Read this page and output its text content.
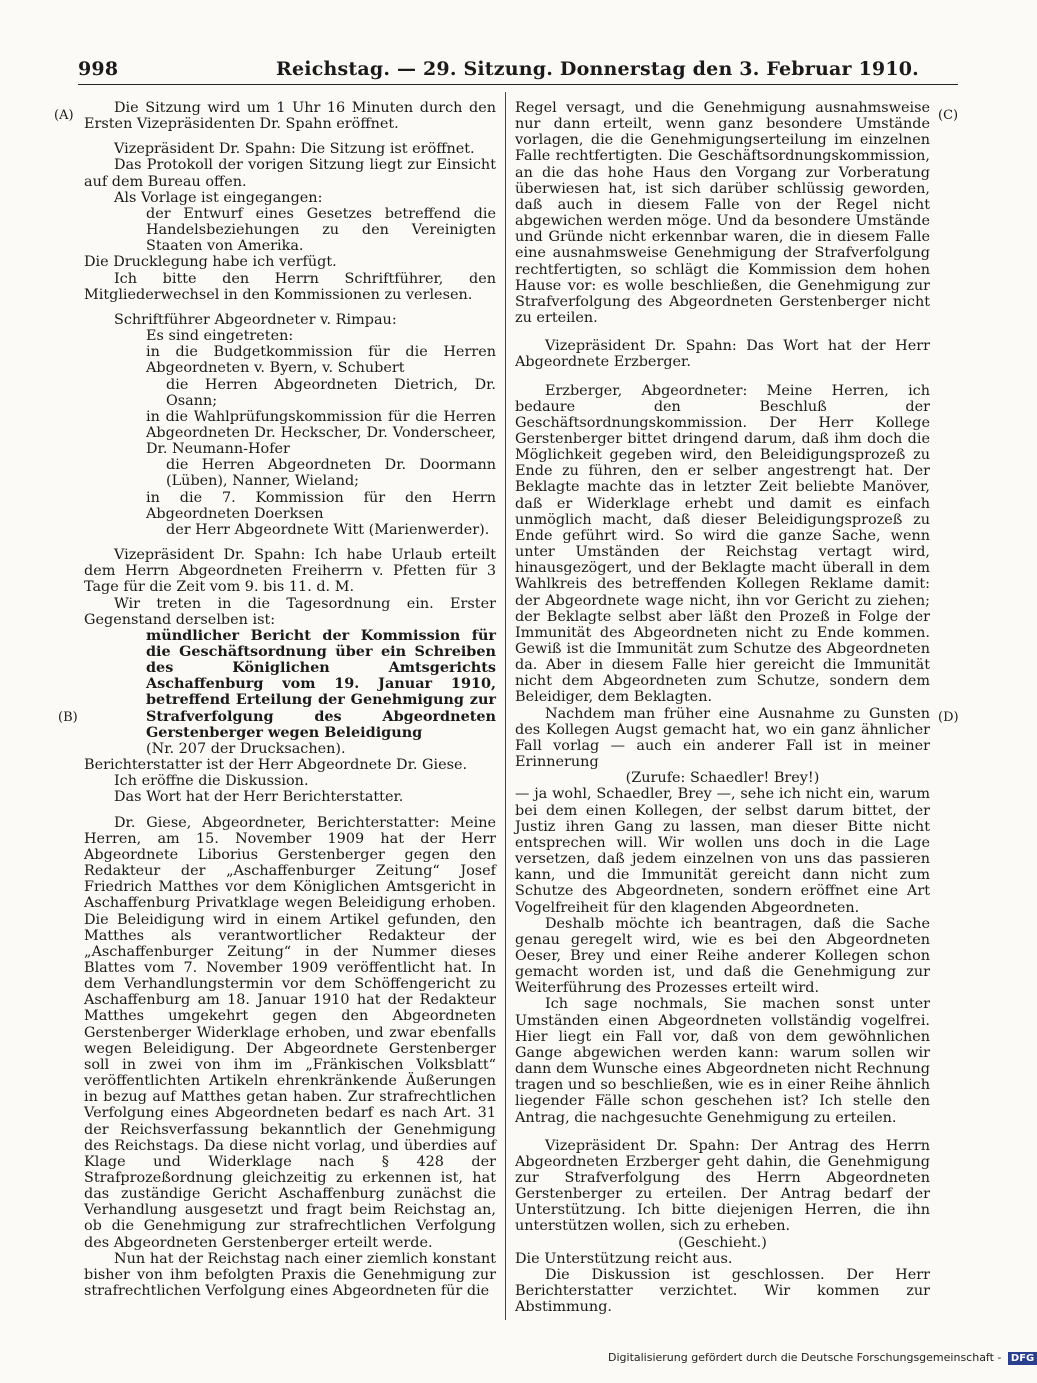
998	Reichstag. — 29. Sitzung. Donnerstag den 3. Februar 1910.
(A)
(B)
(C)
(D)

Die Sitzung wird um 1 Uhr 16 Minuten durch den Ersten Vizepräsidenten Dr. Spahn eröffnet.

Vizepräsident Dr. Spahn: Die Sitzung ist eröffnet.

Das Protokoll der vorigen Sitzung liegt zur Einsicht auf dem Bureau offen.

Als Vorlage ist eingegangen:

der Entwurf eines Gesetzes betreffend die Handelsbeziehungen zu den Vereinigten Staaten von Amerika.

Die Drucklegung habe ich verfügt.

Ich bitte den Herrn Schriftführer, den Mitgliederwechsel in den Kommissionen zu verlesen.

Schriftführer Abgeordneter v. Rimpau:

Es sind eingetreten:

in die Budgetkommission für die Herren Abgeordneten v. Byern, v. Schubert

die Herren Abgeordneten Dietrich, Dr. Osann;

in die Wahlprüfungskommission für die Herren Abgeordneten Dr. Heckscher, Dr. Vonderscheer, Dr. Neumann-Hofer

die Herren Abgeordneten Dr. Doormann (Lüben), Nanner, Wieland;

in die 7. Kommission für den Herrn Abgeordneten Doerksen

der Herr Abgeordnete Witt (Marienwerder).

Vizepräsident Dr. Spahn: Ich habe Urlaub erteilt dem Herrn Abgeordneten Freiherrn v. Pfetten für 3 Tage für die Zeit vom 9. bis 11. d. M.

Wir treten in die Tagesordnung ein. Erster Gegenstand derselben ist:

mündlicher Bericht der Kommission für die Geschäftsordnung über ein Schreiben des Königlichen Amtsgerichts Aschaffenburg vom 19. Januar 1910, betreffend Erteilung der Genehmigung zur Strafverfolgung des Abgeordneten Gerstenberger wegen Beleidigung

(Nr. 207 der Drucksachen).

Berichterstatter ist der Herr Abgeordnete Dr. Giese.

Ich eröffne die Diskussion.

Das Wort hat der Herr Berichterstatter.

Dr. Giese, Abgeordneter, Berichterstatter: Meine Herren, am 15. November 1909 hat der Herr Abgeordnete Liborius Gerstenberger gegen den Redakteur der „Aschaffenburger Zeitung“ Josef Friedrich Matthes vor dem Königlichen Amtsgericht in Aschaffenburg Privatklage wegen Beleidigung erhoben. Die Beleidigung wird in einem Artikel gefunden, den Matthes als verantwortlicher Redakteur der „Aschaffenburger Zeitung“ in der Nummer dieses Blattes vom 7. November 1909 veröffentlicht hat. In dem Verhandlungstermin vor dem Schöffengericht zu Aschaffenburg am 18. Januar 1910 hat der Redakteur Matthes umgekehrt gegen den Abgeordneten Gerstenberger Widerklage erhoben, und zwar ebenfalls wegen Beleidigung. Der Abgeordnete Gerstenberger soll in zwei von ihm im „Fränkischen Volksblatt“ veröffentlichten Artikeln ehrenkränkende Äußerungen in bezug auf Matthes getan haben. Zur strafrechtlichen Verfolgung eines Abgeordneten bedarf es nach Art. 31 der Reichsverfassung bekanntlich der Genehmigung des Reichstags. Da diese nicht vorlag, und überdies auf Klage und Widerklage nach § 428 der Strafprozeßordnung gleichzeitig zu erkennen ist, hat das zuständige Gericht Aschaffenburg zunächst die Verhandlung ausgesetzt und fragt beim Reichstag an, ob die Genehmigung zur strafrechtlichen Verfolgung des Abgeordneten Gerstenberger erteilt werde.

Nun hat der Reichstag nach einer ziemlich konstant bisher von ihm befolgten Praxis die Genehmigung zur strafrechtlichen Verfolgung eines Abgeordneten für die

Regel versagt, und die Genehmigung ausnahmsweise nur dann erteilt, wenn ganz besondere Umstände vorlagen, die die Genehmigungserteilung im einzelnen Falle rechtfertigten. Die Geschäftsordnungskommission, an die das hohe Haus den Vorgang zur Vorberatung überwiesen hat, ist sich darüber schlüssig geworden, daß auch in diesem Falle von der Regel nicht abgewichen werden möge. Und da besondere Umstände und Gründe nicht erkennbar waren, die in diesem Falle eine ausnahmsweise Genehmigung der Strafverfolgung rechtfertigten, so schlägt die Kommission dem hohen Hause vor: es wolle beschließen, die Genehmigung zur Strafverfolgung des Abgeordneten Gerstenberger nicht zu erteilen.

Vizepräsident Dr. Spahn: Das Wort hat der Herr Abgeordnete Erzberger.

Erzberger, Abgeordneter: Meine Herren, ich bedaure den Beschluß der Geschäftsordnungskommission. Der Herr Kollege Gerstenberger bittet dringend darum, daß ihm doch die Möglichkeit gegeben wird, den Beleidigungsprozeß zu Ende zu führen, den er selber angestrengt hat. Der Beklagte machte das in letzter Zeit beliebte Manöver, daß er Widerklage erhebt und damit es einfach unmöglich macht, daß dieser Beleidigungsprozeß zu Ende geführt wird. So wird die ganze Sache, wenn unter Umständen der Reichstag vertagt wird, hinausgezögert, und der Beklagte macht überall in dem Wahlkreis des betreffenden Kollegen Reklame damit: der Abgeordnete wage nicht, ihn vor Gericht zu ziehen; der Beklagte selbst aber läßt den Prozeß in Folge der Immunität des Abgeordneten nicht zu Ende kommen. Gewiß ist die Immunität zum Schutze des Abgeordneten da. Aber in diesem Falle hier gereicht die Immunität nicht dem Abgeordneten zum Schutze, sondern dem Beleidiger, dem Beklagten.

Nachdem man früher eine Ausnahme zu Gunsten des Kollegen Augst gemacht hat, wo ein ganz ähnlicher Fall vorlag — auch ein anderer Fall ist in meiner Erinnerung

(Zurufe: Schaedler! Brey!)

— ja wohl, Schaedler, Brey —, sehe ich nicht ein, warum bei dem einen Kollegen, der selbst darum bittet, der Justiz ihren Gang zu lassen, man dieser Bitte nicht entsprechen will. Wir wollen uns doch in die Lage versetzen, daß jedem einzelnen von uns das passieren kann, und die Immunität gereicht dann nicht zum Schutze des Abgeordneten, sondern eröffnet eine Art Vogelfreiheit für den klagenden Abgeordneten.

Deshalb möchte ich beantragen, daß die Sache genau geregelt wird, wie es bei den Abgeordneten Oeser, Brey und einer Reihe anderer Kollegen schon gemacht worden ist, und daß die Genehmigung zur Weiterführung des Prozesses erteilt wird.

Ich sage nochmals, Sie machen sonst unter Umständen einen Abgeordneten vollständig vogelfrei. Hier liegt ein Fall vor, daß von dem gewöhnlichen Gange abgewichen werden kann: warum sollen wir dann dem Wunsche eines Abgeordneten nicht Rechnung tragen und so beschließen, wie es in einer Reihe ähnlich liegender Fälle schon geschehen ist? Ich stelle den Antrag, die nachgesuchte Genehmigung zu erteilen.

Vizepräsident Dr. Spahn: Der Antrag des Herrn Abgeordneten Erzberger geht dahin, die Genehmigung zur Strafverfolgung des Herrn Abgeordneten Gerstenberger zu erteilen. Der Antrag bedarf der Unterstützung. Ich bitte diejenigen Herren, die ihn unterstützen wollen, sich zu erheben.

(Geschieht.)

Die Unterstützung reicht aus.

Die Diskussion ist geschlossen. Der Herr Berichterstatter verzichtet. Wir kommen zur Abstimmung.

Digitalisierung gefördert durch die Deutsche Forschungsgemeinschaft - DFG
